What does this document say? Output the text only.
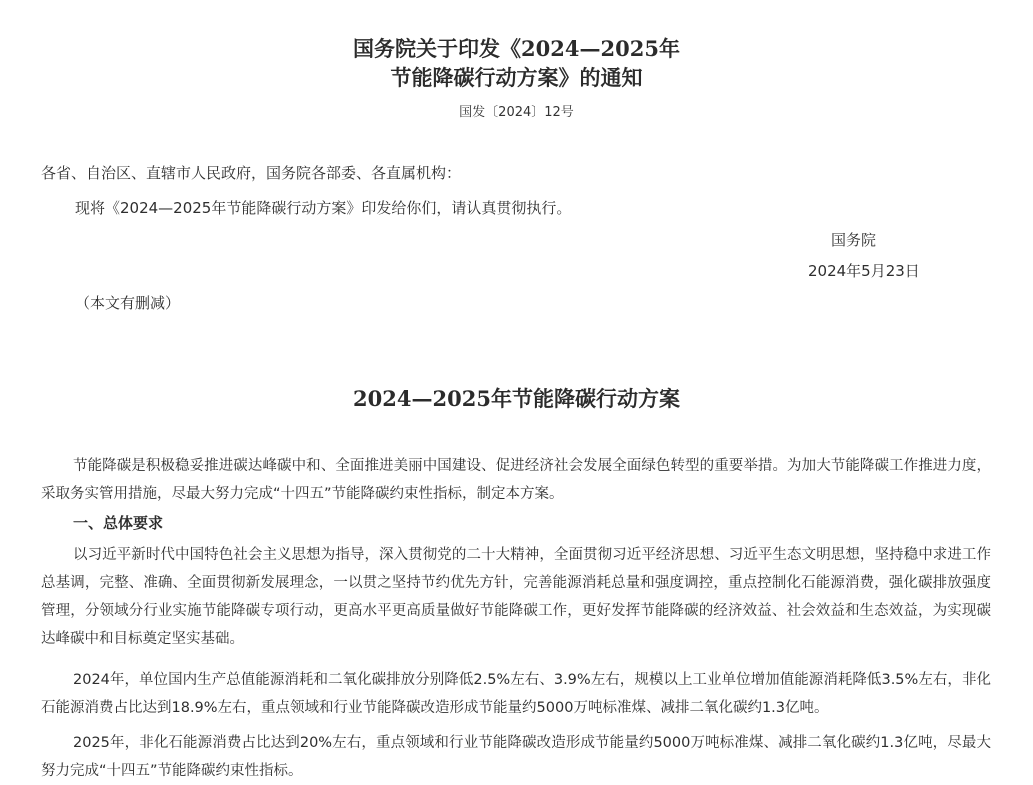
国务院关于印发《2024—2025年
节能降碳行动方案》的通知
国发〔2024〕12号
各省、自治区、直辖市人民政府，国务院各部委、各直属机构：
现将《2024—2025年节能降碳行动方案》印发给你们，请认真贯彻执行。
国务院
2024年5月23日
（本文有删减）
2024—2025年节能降碳行动方案

节能降碳是积极稳妥推进碳达峰碳中和、全面推进美丽中国建设、促进经济社会发展全面绿色转型的重要举措。为加大节能降碳工作推进力度，采取务实管用措施，尽最大努力完成“十四五”节能降碳约束性指标，制定本方案。

一、总体要求

以习近平新时代中国特色社会主义思想为指导，深入贯彻党的二十大精神，全面贯彻习近平经济思想、习近平生态文明思想，坚持稳中求进工作总基调，完整、准确、全面贯彻新发展理念，一以贯之坚持节约优先方针，完善能源消耗总量和强度调控，重点控制化石能源消费，强化碳排放强度管理，分领域分行业实施节能降碳专项行动，更高水平更高质量做好节能降碳工作，更好发挥节能降碳的经济效益、社会效益和生态效益，为实现碳达峰碳中和目标奠定坚实基础。

2024年，单位国内生产总值能源消耗和二氧化碳排放分别降低2.5%左右、3.9%左右，规模以上工业单位增加值能源消耗降低3.5%左右，非化石能源消费占比达到18.9%左右，重点领域和行业节能降碳改造形成节能量约5000万吨标准煤、减排二氧化碳约1.3亿吨。

2025年，非化石能源消费占比达到20%左右，重点领域和行业节能降碳改造形成节能量约5000万吨标准煤、减排二氧化碳约1.3亿吨，尽最大努力完成“十四五”节能降碳约束性指标。
